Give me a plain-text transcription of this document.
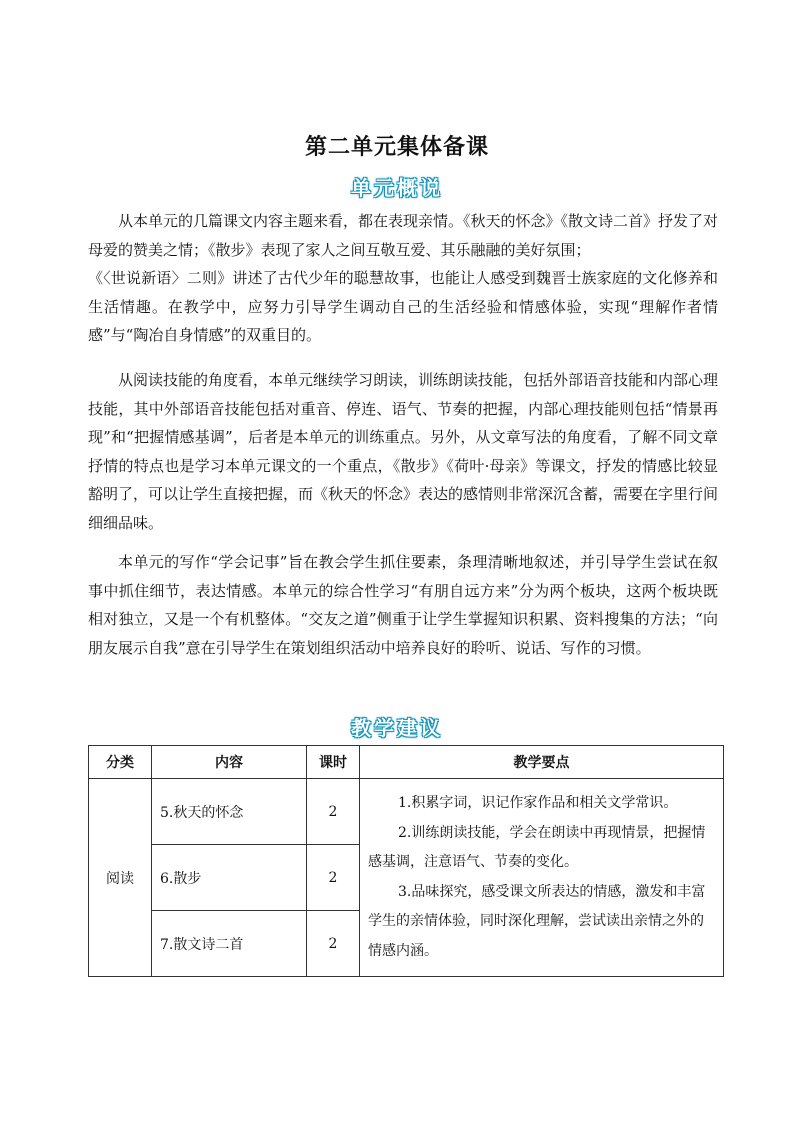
第二单元集体备课
单元概说

从本单元的几篇课文内容主题来看，都在表现亲情。《秋天的怀念》《散文诗二首》抒发了对母爱的赞美之情；《散步》表现了家人之间互敬互爱、其乐融融的美好氛围；

《〈世说新语〉二则》讲述了古代少年的聪慧故事，也能让人感受到魏晋士族家庭的文化修养和生活情趣。在教学中，应努力引导学生调动自己的生活经验和情感体验，实现“理解作者情感”与“陶冶自身情感”的双重目的。

从阅读技能的角度看，本单元继续学习朗读，训练朗读技能，包括外部语音技能和内部心理技能，其中外部语音技能包括对重音、停连、语气、节奏的把握，内部心理技能则包括“情景再现”和“把握情感基调”，后者是本单元的训练重点。另外，从文章写法的角度看，了解不同文章抒情的特点也是学习本单元课文的一个重点，《散步》《荷叶·母亲》等课文，抒发的情感比较显豁明了，可以让学生直接把握，而《秋天的怀念》表达的感情则非常深沉含蓄，需要在字里行间细细品味。

本单元的写作“学会记事”旨在教会学生抓住要素，条理清晰地叙述，并引导学生尝试在叙事中抓住细节，表达情感。本单元的综合性学习“有朋自远方来”分为两个板块，这两个板块既相对独立，又是一个有机整体。“交友之道”侧重于让学生掌握知识积累、资料搜集的方法；“向朋友展示自我”意在引导学生在策划组织活动中培养良好的聆听、说话、写作的习惯。

教学建议
分类	内容	课时	教学要点
阅读	5.秋天的怀念	2	1.积累字词，识记作家作品和相关文学常识。

2.训练朗读技能，学会在朗读中再现情景，把握情感基调，注意语气、节奏的变化。

3.品味探究，感受课文所表达的情感，激发和丰富学生的亲情体验，同时深化理解，尝试读出亲情之外的情感内涵。

	6.散步	2	
	7.散文诗二首	2	
